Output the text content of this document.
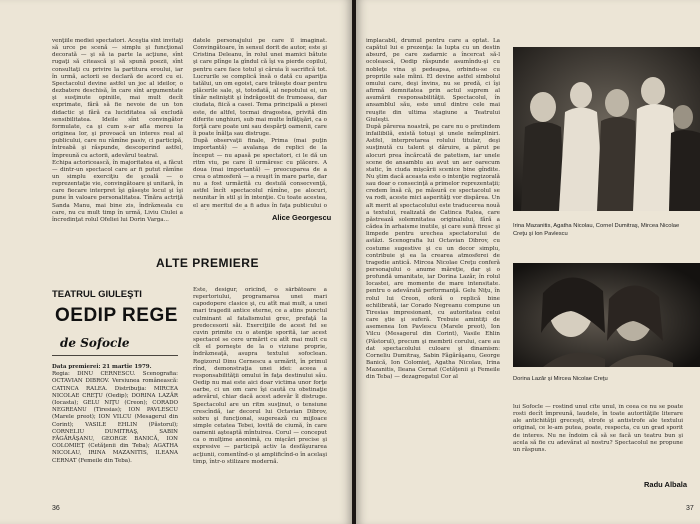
venţiile mediei spectatori. Aceştia sînt invitaţi să urce pe scenă — simplu şi funcţional decorată — şi să ia parte la acţiune, sînt rugaţi să citească şi să spună poezii, sînt consultaţi cu privire la partitura eroului, iar în urmă, actorii se declară de acord cu ei. Spectacolul devine astfel un joc al ideilor, o dezbatere deschisă, în care sînt argumentate şi susţinute opiniile, mai mult decît exprimate, fără să fie nevoie de un ton didactic şi fără ca luciditatea să excludă sensibilitatea. Ideile sînt convingător formulate, ca şi cum s-ar afla mereu la originea lor, şi provoacă un interes real al publicului, care nu rămîne pasiv, ci participă, întreabă şi răspunde, descoperind astfel, împreună cu actorii, adevărul teatral.
Echipa actoricească, în majoritatea ei, a făcut — dintr-un spectacol care ar fi putut rămîne un simplu exerciţiu de şcoală — o reprezentaţie vie, convingătoare şi unitară, în care fiecare interpret îşi găseşte locul şi îşi pune în valoare personalitatea. Tînăra actriţă Sanda Manu, mai bine zis, îndrăzneala cu care, nu cu mult timp în urmă, Liviu Ciulei a încredinţat rolul Ofeliei lui Dorin Varga...
datele personajului pe care îl imaginat. Convingătoare, în sensul dorit de autor, este şi Cristina Deleanu, în rolul unei mamici bătute şi care plînge la gîndul că îşi va pierde copilul, pentru care face totul şi căruia îi sacrifică tot. Lucrurile se complică însă o dată cu apariţia tatălui, un om egoist, care trăieşte doar pentru plăcerile sale, şi, totodată, al nepotului ei, un tînăr neliniştit şi îndrăgostit de frumoasa, dar ciudata, fiică a casei. Tema principală a piesei este, de altfel, tocmai dragostea, privită din diferite unghiuri, sub mai multe înfăţişări, ca o forţă care poate uni sau despărţi oamenii, care îi poate înălţa sau distruge.
După observaţii finale, Prima (mai puţin importantă) — avalanşa de replici de la început — nu apasă pe spectatori, ci le dă un ritm viu, pe care îl urmăresc cu plăcere. A doua (mai importantă) — preocuparea de a crea o atmosferă — a reuşit în mare parte, dar nu a fost urmărită cu destulă consecvenţă, astfel încît spectacolul rămîne, pe alocuri, neunitar în stil şi în intenţie. Cu toate acestea, el are meritul de a fi adus în faţa publicului o
Alice Georgescu
ALTE PREMIERE
TEATRUL GIULEŞTI
OEDIP REGE
de Sofocle
Data premierei: 21 martie 1979.
Regia: DINU CERNESCU. Scenografia: OCTAVIAN DIBROV. Versiunea românească: CATINCA RALEA. Distribuţia: MIRCEA NICOLAE CREŢU (Oedip); DORINA LAZĂR (Iocasta); GELU NIŢU (Creon); CORADO NEGREANU (Tiresias); ION PAVLESCU (Marele preot); ION VILCU (Mesagerul din Corint); VASILE EHLIN (Păstorul); CORNELIU DUMITRAŞ, SABIN FĂGĂRĂŞANU, GEORGE BANICĂ, ION COLOMIEŢ (Cetăţenii din Teba); AGATHA NICOLAU, IRINA MAZANITIS, ILEANA CERNAT (Femeile din Teba).
Este, desigur, oricînd, o sărbătoare a repertoriului, programarea unei mari capodopere clasice şi, cu atît mai mult, a unei mari tragedii antice eterne, ce a atins punctul culminant al fatalismului grec, prefaţă la predecesorii săi. Exerciţiile de acest fel se cuvin primite cu o atenţie sporită, iar acest spectacol se cere urmărit cu atît mai mult cu cît el porneşte de la o viziune proprie, îndrăzneaţă, asupra textului sofoclean. Regizorul Dinu Cernescu a urmărit, în primul rînd, demonstraţia unei idei: aceea a responsabilităţii omului în faţa destinului său. Oedip nu mai este aici doar victima unor forţe oarbe, ci un om care îşi caută cu obstinaţie adevărul, chiar dacă acest adevăr îl distruge. Spectacolul are un ritm susţinut, o tensiune crescîndă, iar decorul lui Octavian Dibrov, sobru şi funcţional, sugerează cu mijloace simple cetatea Tebei, lovită de ciumă, în care oamenii aşteaptă mîntuirea. Corul — conceput ca o mulţime anonimă, cu mişcări precise şi expresive — participă activ la desfăşurarea acţiunii, comentînd-o şi amplificînd-o în acelaşi timp, într-o stilizare modernă.
36
implacabil, drumul pentru care a optat. La capătul lui e prezenţa: la lupta cu un destin absurd, pe care zadarnic a încercat să-l ocolească, Oedip răspunde asumîndu-şi cu nobleţe vina şi pedeapsa, orbindu-se cu propriile sale mîini. El devine astfel simbolul omului care, deşi învins, nu se predă, ci îşi afirmă demnitatea prin actul suprem al asumării responsabilităţii. Spectacolul, în ansamblul său, este unul dintre cele mai reuşite din ultima stagiune a Teatrului Giuleşti.
După părerea noastră, pe care nu o pretindem infailibilă, există totuşi şi unele neîmpliniri. Astfel, interpretarea rolului titular, deşi susţinută cu talent şi dăruire, a părut pe alocuri prea încărcată de patetism, iar unele scene de ansamblu au avut un aer oarecum static, în ciuda mişcării scenice bine gîndite. Nu ştim dacă aceasta este o intenţie regizorală sau doar o consecinţă a primelor reprezentaţii; credem însă că, pe măsură ce spectacolul se va rodi, aceste mici asperităţi vor dispărea. Un alt merit al spectacolului este traducerea nouă a textului, realizată de Catinca Ralea, care păstrează solemnitatea originalului, fără a cădea în arhaisme inutile, şi care sună firesc şi limpede pentru urechea spectatorului de astăzi. Scenografia lui Octavian Dibrov, cu costume sugestive şi cu un decor simplu, contribuie şi ea la crearea atmosferei de tragedie antică. Mircea Nicolae Creţu conferă personajului o anume măreţie, dar şi o profundă umanitate, iar Dorina Lazăr, în rolul Iocastei, are momente de mare intensitate. pentru o adevărată performanţă. Gelu Niţu, în rolul lui Creon, oferă o replică bine echilibrată, iar Corado Negreanu compune un Tiresias impresionant, cu autoritatea celui care ştie şi suferă. Trebuie amintiţi de asemenea Ion Pavlescu (Marele preot), Ion Vilcu (Mesagerul din Corint), Vasile Ehlin (Păstorul), precum şi membrii corului, care au dat spectacolului culoare şi dinamism: Corneliu Dumitraş, Sabin Făgărăşanu, George Banică, Ion Colomieţ, Agatha Nicolau, Irina Mazanitis, Ileana Cernat (Cetăţenii şi Femeile din Teba) — dezagregatul Cor al
Irina Mazanitis, Agatha Nicolau, Cornel Dumitraş, Mircea Nicolae Creţu şi Ion Pavlescu
Dorina Lazăr şi Mircea Nicolae Creţu
lui Sofocle — rostind unul cîte unul, în ceea ce nu se poate rosti decît împreună, laudele, în toate autorităţile literare ale antichităţii greceşti, strofe şi antistrofe ale textului original, ce le-am putea, poate, respecta, cu un grad sporit de interes. Nu ne îndoim că să se facă un teatru bun şi acela să fie cu adevărat al nostru? Spectacolul ne propune un răspuns.
Radu Albala
37
